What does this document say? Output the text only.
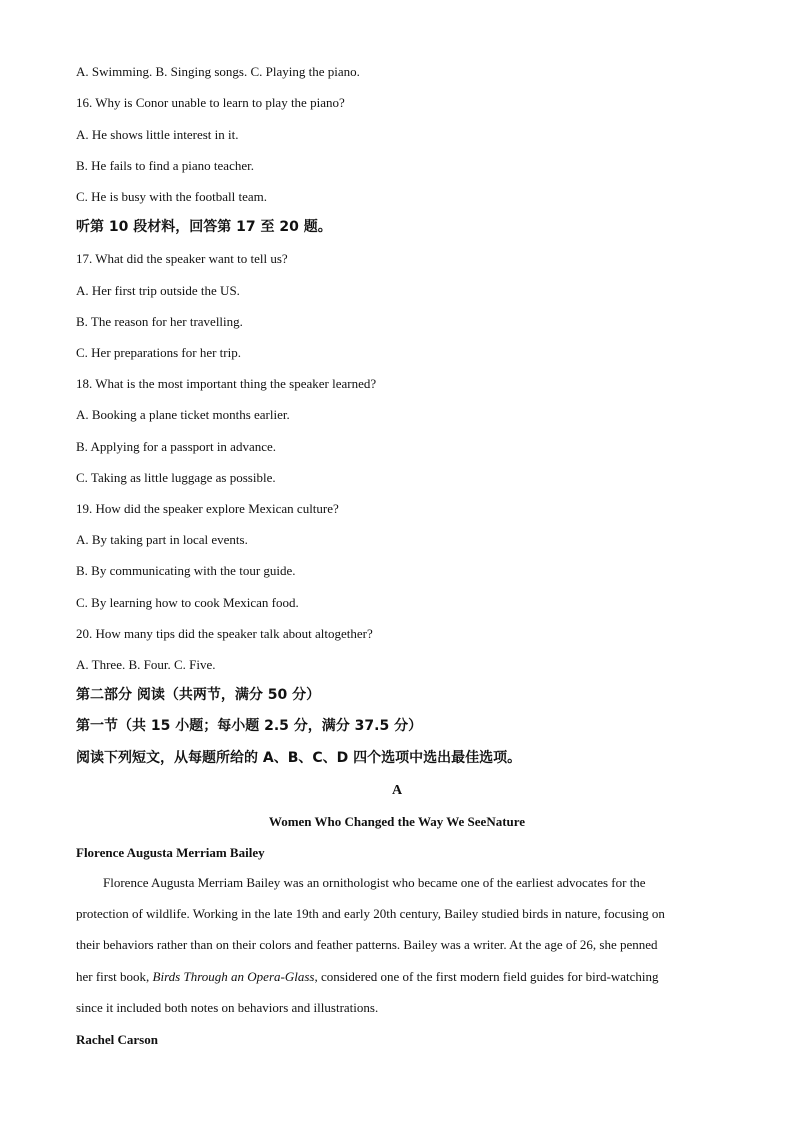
A. Swimming. B. Singing songs. C. Playing the piano.
16. Why is Conor unable to learn to play the piano?
A. He shows little interest in it.
B. He fails to find a piano teacher.
C. He is busy with the football team.
听第 10 段材料，回答第 17 至 20 题。
17. What did the speaker want to tell us?
A. Her first trip outside the US.
B. The reason for her travelling.
C. Her preparations for her trip.
18. What is the most important thing the speaker learned?
A. Booking a plane ticket months earlier.
B. Applying for a passport in advance.
C. Taking as little luggage as possible.
19. How did the speaker explore Mexican culture?
A. By taking part in local events.
B. By communicating with the tour guide.
C. By learning how to cook Mexican food.
20. How many tips did the speaker talk about altogether?
A. Three. B. Four. C. Five.
第二部分 阅读（共两节，满分 50 分）
第一节（共 15 小题；每小题 2.5 分，满分 37.5 分）
阅读下列短文，从每题所给的 A、B、C、D 四个选项中选出最佳选项。
A
Women Who Changed the Way We SeeNature
Florence Augusta Merriam Bailey
Florence Augusta Merriam Bailey was an ornithologist who became one of the earliest advocates for the
protection of wildlife. Working in the late 19th and early 20th century, Bailey studied birds in nature, focusing on
their behaviors rather than on their colors and feather patterns. Bailey was a writer. At the age of 26, she penned
her first book, Birds Through an Opera-Glass, considered one of the first modern field guides for bird-watching
since it included both notes on behaviors and illustrations.
Rachel Carson
